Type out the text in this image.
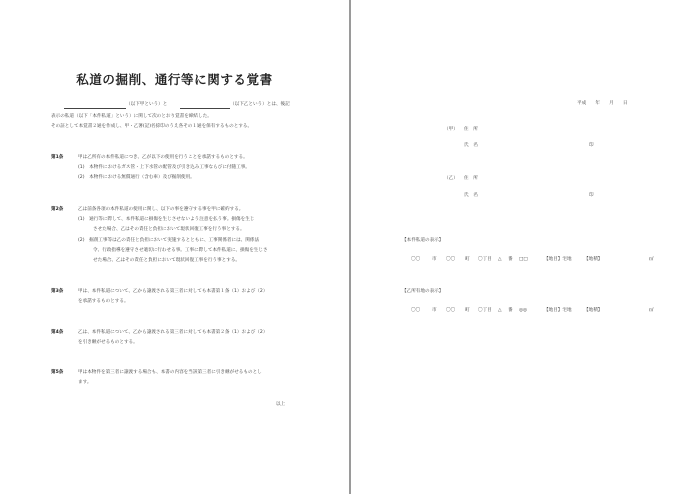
私道の掘削、通行等に関する覚書
（以下甲という）と	（以下乙という）とは、後記
表示の私道（以下「本件私道」という）に関して次のとおり覚書を締結した。
その証として本覚書２通を作成し、甲・乙署(記)名捺印のうえ各その１通を保有するものとする。
第1条	甲は乙所有の本件私道につき、乙が以下の使用を行うことを承諾するものとする。
(1)　本物件におけるガス管・上下水管の配管及び引き込み工事ならびに付随工事。
(2)　本物件における無償通行（含む車）及び掘削使用。
第2条	乙は前条各項の本件私道の使用に関し、以下の事を遵守する事を甲に確約する。
(1)　通行等に際して、本件私道に損傷を生じさせないよう注意を払う事。損傷を生じ
させた場合、乙はその責任と負担において現状回復工事を行う事とする。
(2)　掘削工事等は乙の責任と負担において実施するとともに、工事関係者には、関係法
令、行政指導を遵守させ適切に行わせる事。工事に際して本件私道に、損傷を生じさ
せた場合、乙はその責任と負担において現状回復工事を行う事とする。
第3条	甲は、本件私道について、乙から譲渡される第三者に対しても本書第１条（1）および（2）
を承諾するものとする。
第4条	乙は、本件私道について、乙から譲渡される第三者に対しても本書第２条（1）および（2）
を引き継がせるものとする。
第5条	甲は本物件を第三者に譲渡する場合も、本書の内容を当該第三者に引き継がせるものとし
ます。
以上
平成　　年　　月　　日
（甲） 住　所
氏　名	印
（乙） 住　所
氏　名	印
【本件私道の表示】
〇〇	市 〇〇 町 〇丁目 △ 番 □□	【地目】宅地	【地積】	㎡
【乙所有地の表示】
〇〇	市 〇〇 町 〇丁目 △ 番 ◎◎	【地目】宅地	【地積】	㎡
